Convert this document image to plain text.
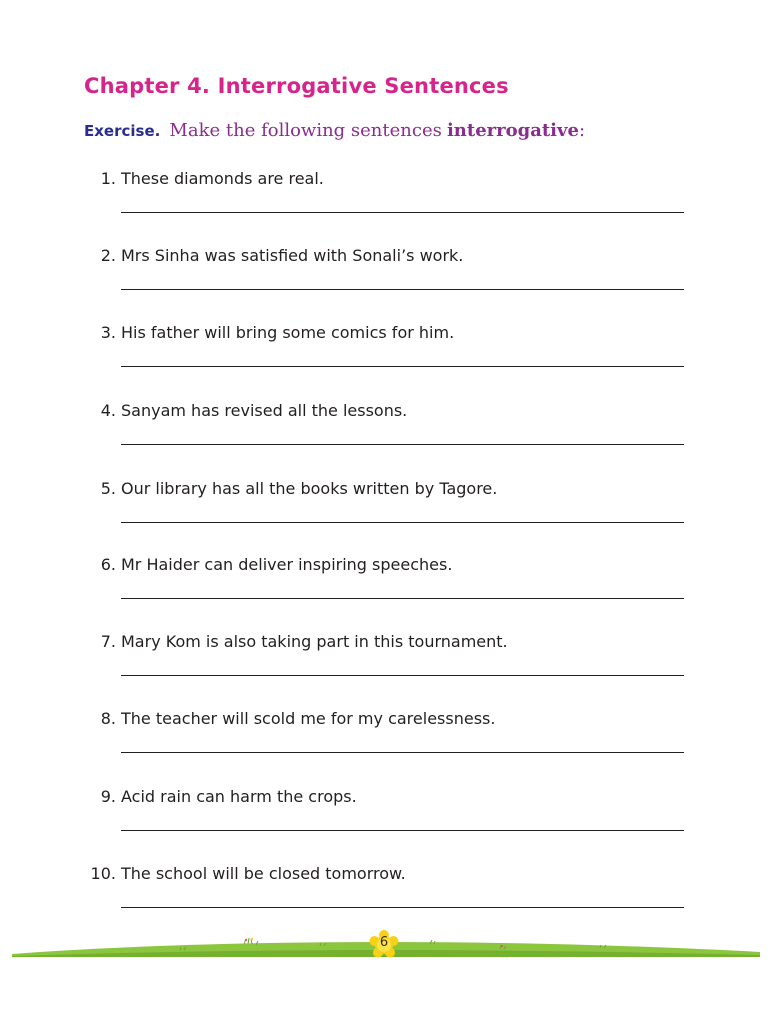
Chapter 4. Interrogative Sentences
Exercise. Make the following sentences interrogative:
1. These diamonds are real.
2. Mrs Sinha was satisfied with Sonali’s work.
3. His father will bring some comics for him.
4. Sanyam has revised all the lessons.
5. Our library has all the books written by Tagore.
6. Mr Haider can deliver inspiring speeches.
7. Mary Kom is also taking part in this tournament.
8. The teacher will scold me for my carelessness.
9. Acid rain can harm the crops.
10. The school will be closed tomorrow.
6
